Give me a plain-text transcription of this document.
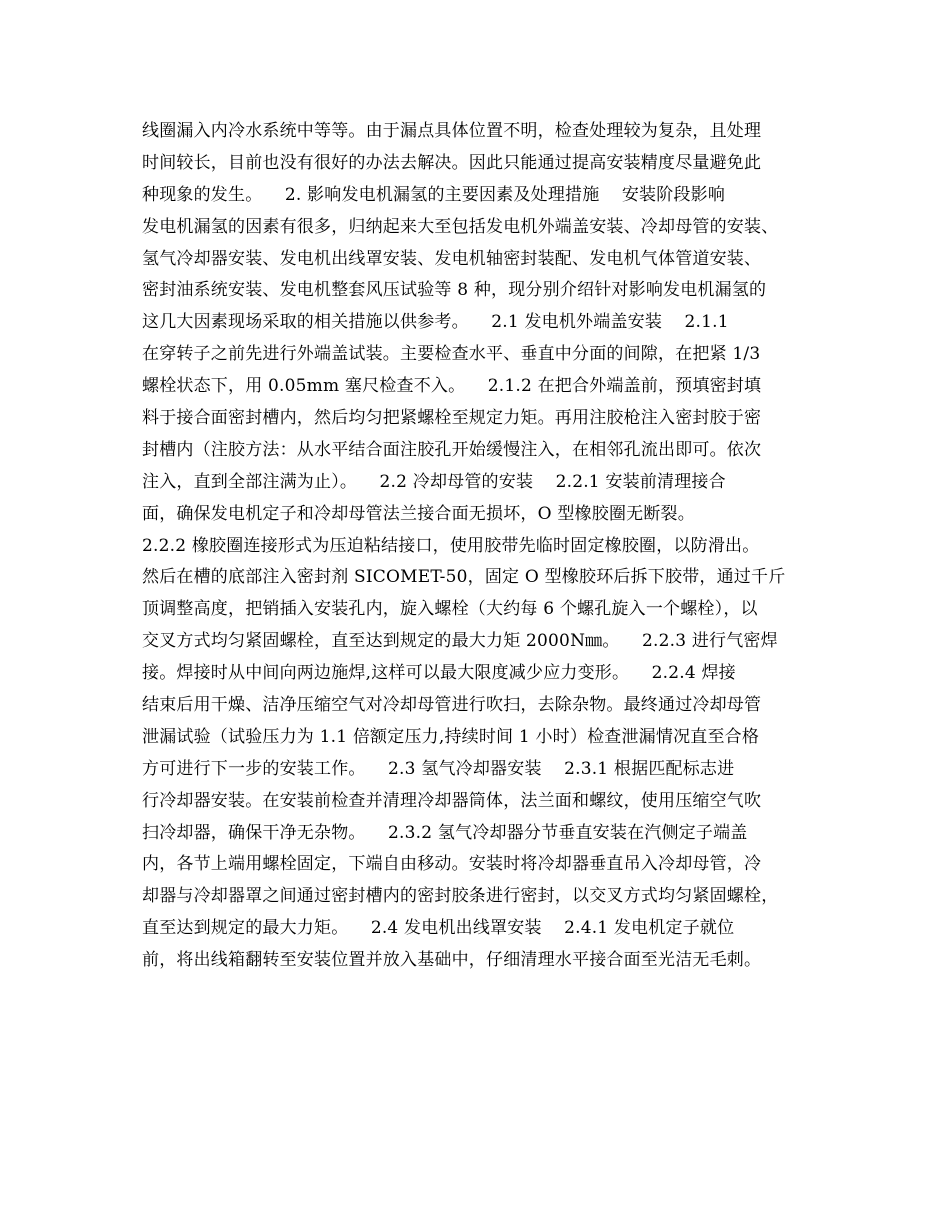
线圈漏入内冷水系统中等等。由于漏点具体位置不明，检查处理较为复杂，且处理
时间较长，目前也没有很好的办法去解决。因此只能通过提高安装精度尽量避免此
种现象的发生。    2. 影响发电机漏氢的主要因素及处理措施    安装阶段影响
发电机漏氢的因素有很多，归纳起来大至包括发电机外端盖安装、冷却母管的安装、
氢气冷却器安装、发电机出线罩安装、发电机轴密封装配、发电机气体管道安装、
密封油系统安装、发电机整套风压试验等 8 种，现分别介绍针对影响发电机漏氢的
这几大因素现场采取的相关措施以供参考。    2.1 发电机外端盖安装    2.1.1
在穿转子之前先进行外端盖试装。主要检查水平、垂直中分面的间隙，在把紧 1/3
螺栓状态下，用 0.05mm 塞尺检查不入。    2.1.2 在把合外端盖前，预填密封填
料于接合面密封槽内，然后均匀把紧螺栓至规定力矩。再用注胶枪注入密封胶于密
封槽内（注胶方法：从水平结合面注胶孔开始缓慢注入，在相邻孔流出即可。依次
注入，直到全部注满为止）。    2.2 冷却母管的安装    2.2.1 安装前清理接合
面，确保发电机定子和冷却母管法兰接合面无损坏，O 型橡胶圈无断裂。
2.2.2 橡胶圈连接形式为压迫粘结接口，使用胶带先临时固定橡胶圈，以防滑出。
然后在槽的底部注入密封剂 SICOMET-50，固定 O 型橡胶环后拆下胶带，通过千斤
顶调整高度，把销插入安装孔内，旋入螺栓（大约每 6 个螺孔旋入一个螺栓），以
交叉方式均匀紧固螺栓，直至达到规定的最大力矩 2000N㎜。    2.2.3 进行气密焊
接。焊接时从中间向两边施焊,这样可以最大限度减少应力变形。    2.2.4 焊接
结束后用干燥、洁净压缩空气对冷却母管进行吹扫，去除杂物。最终通过冷却母管
泄漏试验（试验压力为 1.1 倍额定压力,持续时间 1 小时）检查泄漏情况直至合格
方可进行下一步的安装工作。    2.3 氢气冷却器安装    2.3.1 根据匹配标志进
行冷却器安装。在安装前检查并清理冷却器筒体，法兰面和螺纹，使用压缩空气吹
扫冷却器，确保干净无杂物。    2.3.2 氢气冷却器分节垂直安装在汽侧定子端盖
内，各节上端用螺栓固定，下端自由移动。安装时将冷却器垂直吊入冷却母管，冷
却器与冷却器罩之间通过密封槽内的密封胶条进行密封，以交叉方式均匀紧固螺栓，
直至达到规定的最大力矩。    2.4 发电机出线罩安装    2.4.1 发电机定子就位
前，将出线箱翻转至安装位置并放入基础中，仔细清理水平接合面至光洁无毛刺。
